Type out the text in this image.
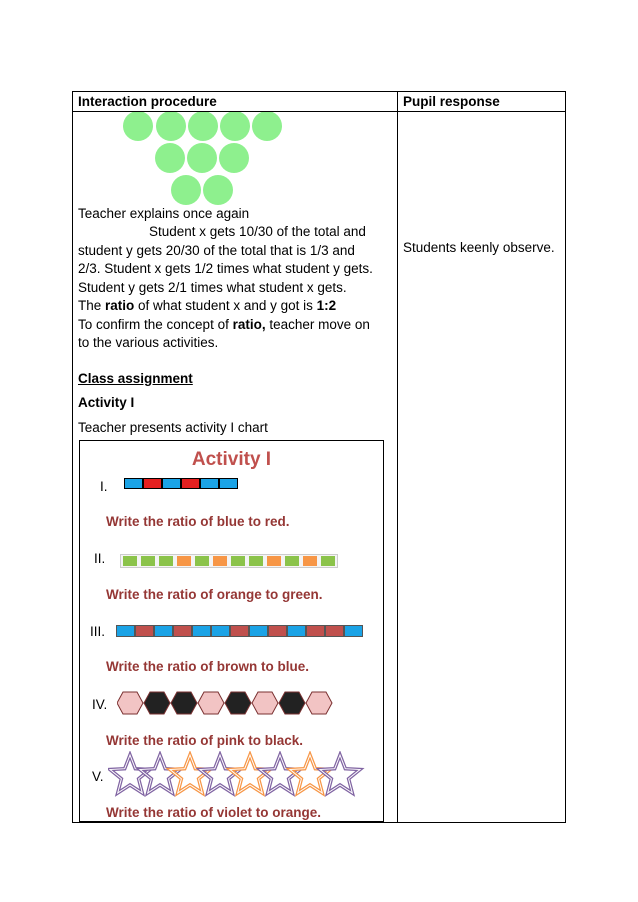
Interaction procedure	Pupil response
Teacher explains once again
Student x gets 10/30 of the total and
student y gets 20/30 of the total that is 1/3 and
2/3. Student x gets 1/2 times what student y gets.
Student y gets 2/1 times what student x gets.
The ratio of what student x and y got is 1:2
To confirm the concept of ratio, teacher move on
to the various activities.
Class assignment
Activity I
Teacher presents activity I chart
Students keenly observe.
Activity I
I.
Write the ratio of blue to red.
II.
Write the ratio of orange to green.
III.
Write the ratio of brown to blue.
IV.
Write the ratio of pink to black.
V.
Write the ratio of violet to orange.
